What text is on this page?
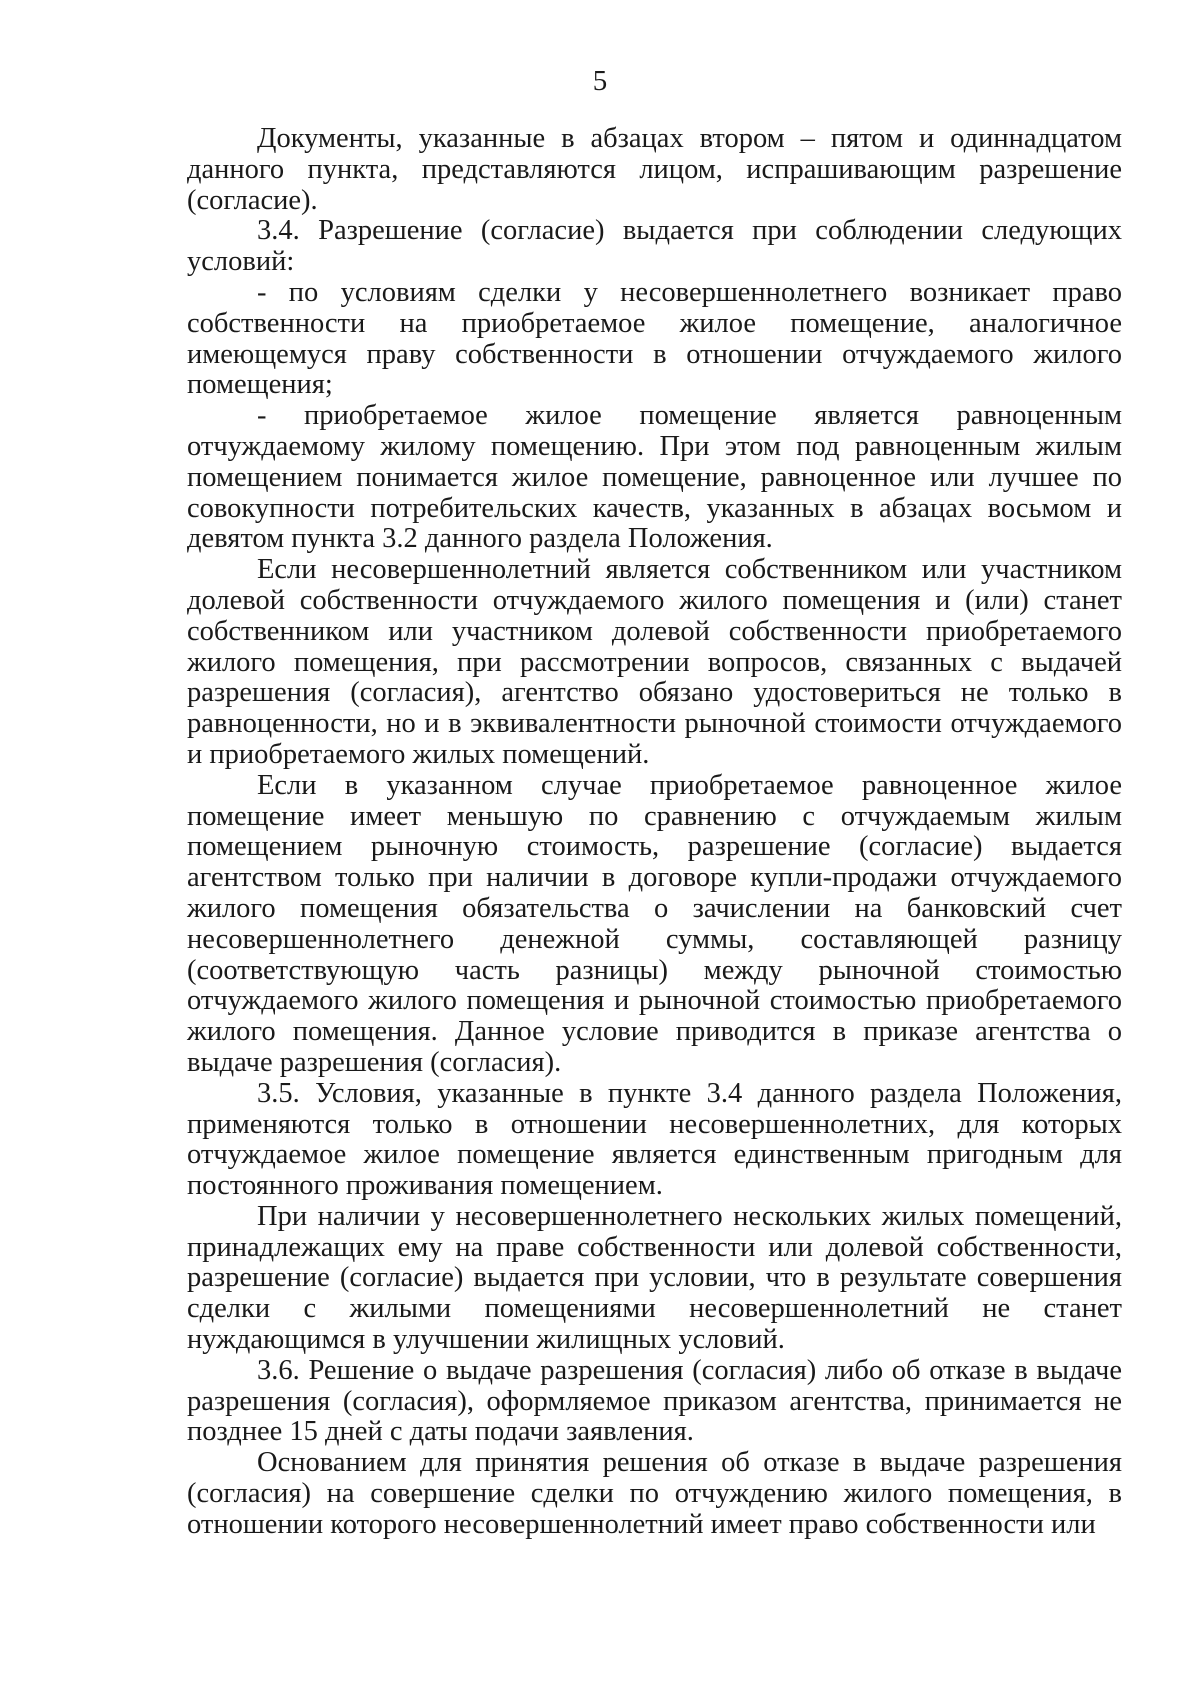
5

Документы, указанные в абзацах втором – пятом и одиннадцатом данного пункта, представляются лицом, испрашивающим разрешение (согласие).

3.4. Разрешение (согласие) выдается при соблюдении следующих условий:

- по условиям сделки у несовершеннолетнего возникает право собственности на приобретаемое жилое помещение, аналогичное имеющемуся праву собственности в отношении отчуждаемого жилого помещения;

- приобретаемое жилое помещение является равноценным отчуждаемому жилому помещению. При этом под равноценным жилым помещением понимается жилое помещение, равноценное или лучшее по совокупности потребительских качеств, указанных в абзацах восьмом и девятом пункта 3.2 данного раздела Положения.

Если несовершеннолетний является собственником или участником долевой собственности отчуждаемого жилого помещения и (или) станет собственником или участником долевой собственности приобретаемого жилого помещения, при рассмотрении вопросов, связанных с выдачей разрешения (согласия), агентство обязано удостовериться не только в равноценности, но и в эквивалентности рыночной стоимости отчуждаемого и приобретаемого жилых помещений.

Если в указанном случае приобретаемое равноценное жилое помещение имеет меньшую по сравнению с отчуждаемым жилым помещением рыночную стоимость, разрешение (согласие) выдается агентством только при наличии в договоре купли-продажи отчуждаемого жилого помещения обязательства о зачислении на банковский счет несовершеннолетнего денежной суммы, составляющей разницу (соответствующую часть разницы) между рыночной стоимостью отчуждаемого жилого помещения и рыночной стоимостью приобретаемого жилого помещения. Данное условие приводится в приказе агентства о выдаче разрешения (согласия).

3.5. Условия, указанные в пункте 3.4 данного раздела Положения, применяются только в отношении несовершеннолетних, для которых отчуждаемое жилое помещение является единственным пригодным для постоянного проживания помещением.

При наличии у несовершеннолетнего нескольких жилых помещений, принадлежащих ему на праве собственности или долевой собственности, разрешение (согласие) выдается при условии, что в результате совершения сделки с жилыми помещениями несовершеннолетний не станет нуждающимся в улучшении жилищных условий.

3.6. Решение о выдаче разрешения (согласия) либо об отказе в выдаче разрешения (согласия), оформляемое приказом агентства, принимается не позднее 15 дней с даты подачи заявления.

Основанием для принятия решения об отказе в выдаче разрешения (согласия) на совершение сделки по отчуждению жилого помещения, в отношении которого несовершеннолетний имеет право собственности или
